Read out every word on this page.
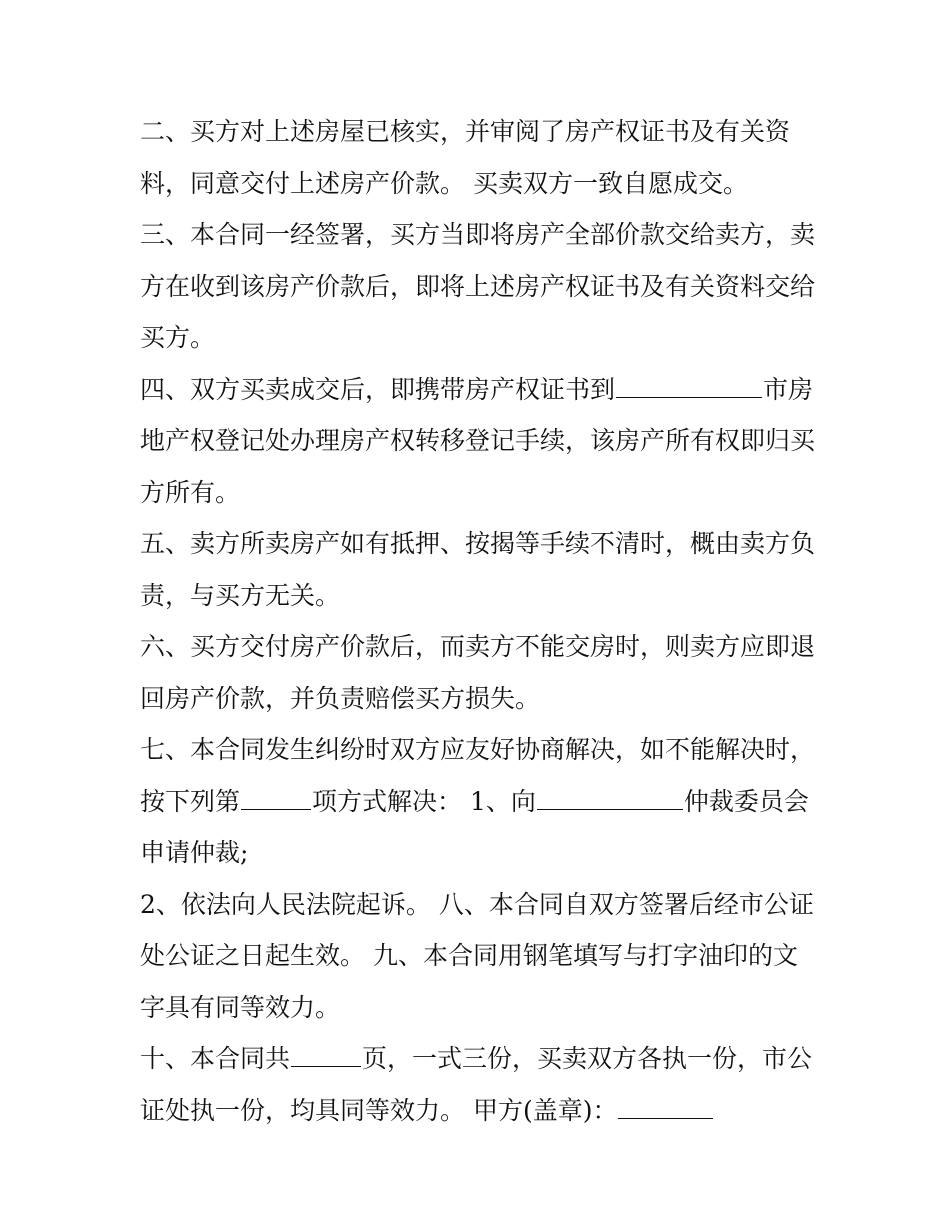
二、买方对上述房屋已核实，并审阅了房产权证书及有关资
料，同意交付上述房产价款。 买卖双方一致自愿成交。
三、本合同一经签署，买方当即将房产全部价款交给卖方，卖
方在收到该房产价款后，即将上述房产权证书及有关资料交给
买方。
四、双方买卖成交后，即携带房产权证书到	市房
地产权登记处办理房产权转移登记手续，该房产所有权即归买
方所有。
五、卖方所卖房产如有抵押、按揭等手续不清时，概由卖方负
责，与买方无关。
六、买方交付房产价款后，而卖方不能交房时，则卖方应即退
回房产价款，并负责赔偿买方损失。
七、本合同发生纠纷时双方应友好协商解决，如不能解决时，
按下列第	项方式解决： 1、向	仲裁委员会
申请仲裁;
2、依法向人民法院起诉。 八、本合同自双方签署后经市公证
处公证之日起生效。 九、本合同用钢笔填写与打字油印的文
字具有同等效力。
十、本合同共	页，一式三份，买卖双方各执一份，市公
证处执一份，均具同等效力。 甲方(盖章)：
